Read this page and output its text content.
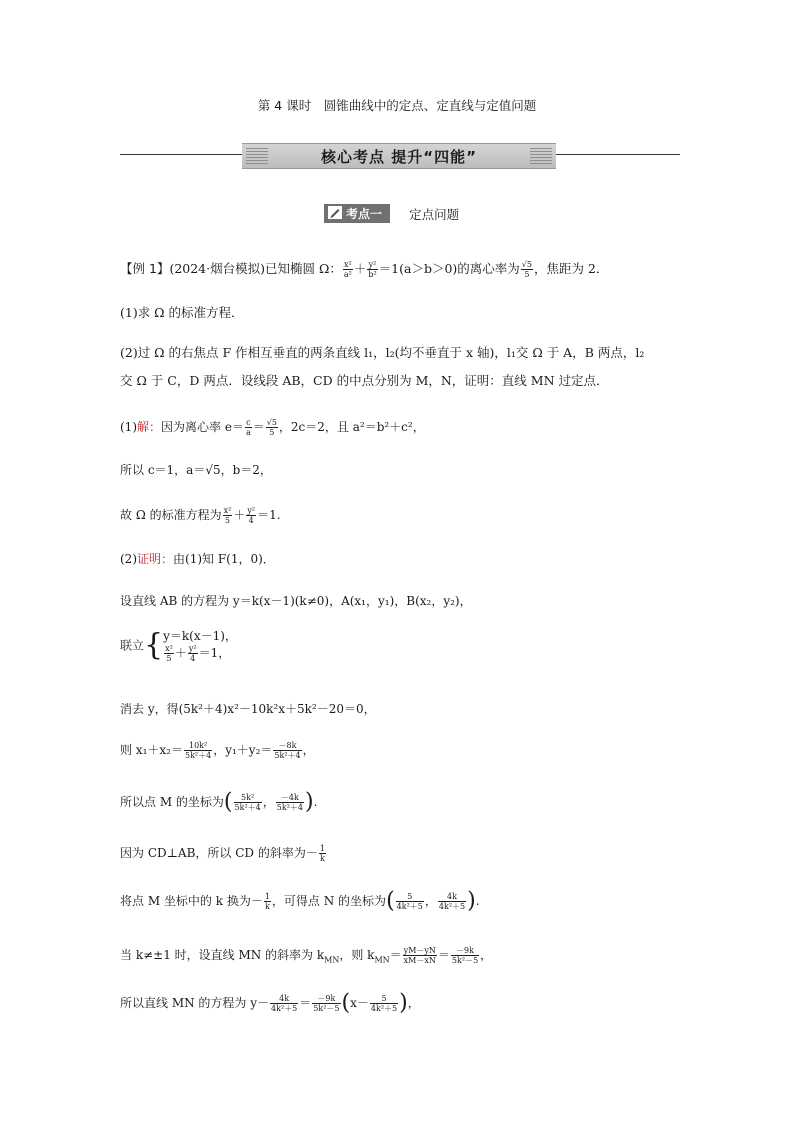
第 4 课时　圆锥曲线中的定点、定直线与定值问题
核心考点 提升“四能”
考点一 定点问题
【例 1】(2024·烟台模拟)已知椭圆 Ω： $\frac{\text{x²}}{\text{a²}} + \frac{\text{y²}}{\text{b²}} =1(a>b>0)$的离心率为 $\frac{√5}{5}$ ，焦距为 2．
(1)求 Ω 的标准方程．
(2)过 Ω 的右焦点 F 作相互垂直的两条直线 l₁，l₂(均不垂直于 x 轴)，l₁交 Ω 于 A，B 两点，l₂
交 Ω 于 C，D 两点．设线段 AB，CD 的中点分别为 M，N，证明：直线 MN 过定点．
(1)解：因为离心率 $e= \frac{c}{a} = \frac{√5}{5}$ ，2c＝2，且 a²＝b²＋c²，
所以 c＝1，a＝√5，b＝2，
故 Ω 的标准方程为 $\frac{\text{x²}}{5} + \frac{\text{y²}}{4} =1$.
(2)证明：由(1)知 F(1，0)．
设直线 AB 的方程为 y＝k(x－1)(k≠0)，A(x₁，y₁)，B(x₂，y₂)，
联立{ y＝k(x－1)，
$\frac{\text{x²}}{5} + \frac{\text{y²}}{4} =1$，
消去 y，得(5k²＋4)x²－10k²x＋5k²－20＝0，
则 $x_1+x_2= \frac{\text{10k²}}{\text{5k²＋4}}$ ，$y_1+y_2= \frac{-8k}{\text{5k²＋4}}$ ，
所以点 M 的坐标为( $\frac{\text{5k²}}{\text{5k²＋4}}$ ， $\frac{-4k}{\text{5k²＋4}}$ ).
因为 CD⊥AB，所以 CD 的斜率为－ $\frac{1}{k}$
将点 M 坐标中的 k 换为－ $\frac{1}{k}$ ，可得点 N 的坐标为( $\frac{5}{\text{4k²＋5}}$ ， $\frac{4k}{\text{4k²＋5}}$ ).
当 k≠±1 时，设直线 MN 的斜率为 $k_{MN}$，则 $k_{MN}= \frac{yM-yN}{xM-xN} = \frac{-9k}{\text{5k²－5}}$ ，
所以直线 MN 的方程为 $y- \frac{4k}{\text{4k²＋5}} = \frac{-9k}{\text{5k²－5}} (x- \frac{5}{\text{4k²＋5}}$ )，
